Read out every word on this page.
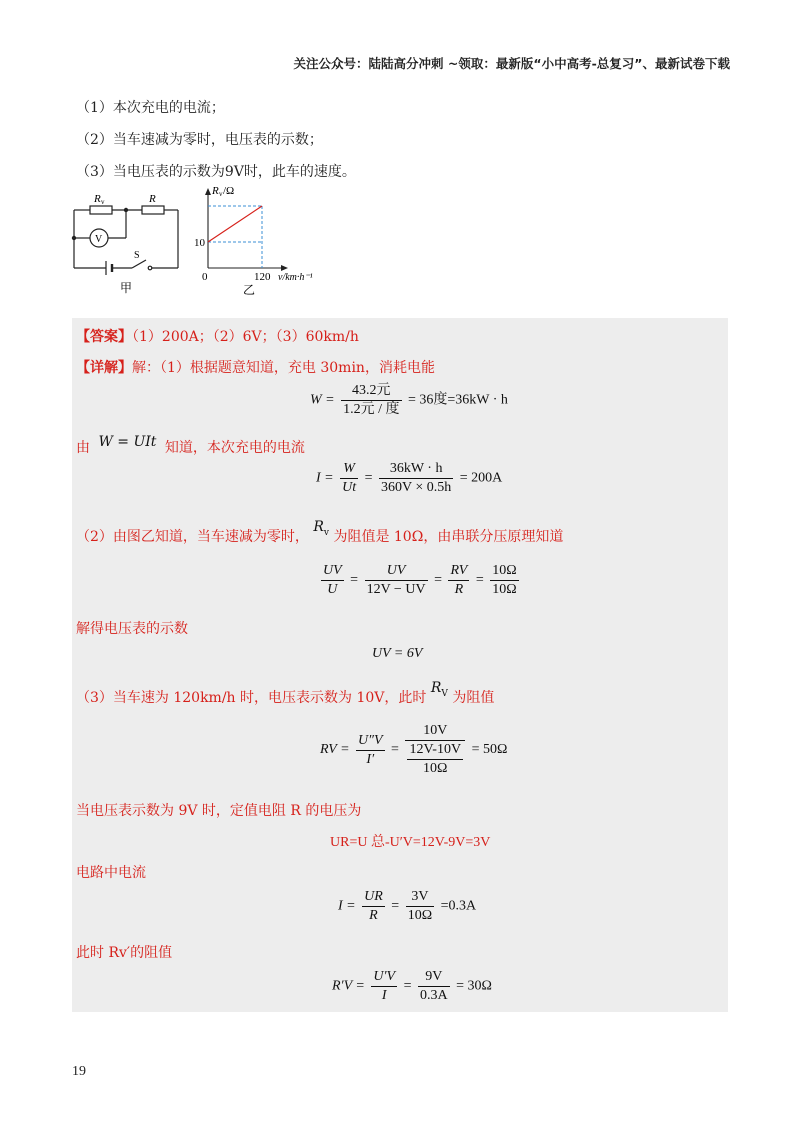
关注公众号：陆陆高分冲刺 ~领取：最新版“小中高考-总复习”、最新试卷下载
（1）本次充电的电流；
（2）当车速减为零时，电压表的示数；
（3）当电压表的示数为9V时，此车的速度。
R v	R
V
S
甲
R v /Ω
10
0	120 v/km·h⁻¹
乙
【答案】（1）200A；（2）6V；（3）60km/h
【详解】解：（1）根据题意知道，充电 30min，消耗电能
$W = \frac{\text{43.2元}}{\text{1.2元 / 度}} = 36$度=36kW · h
由 W = UIt 知道，本次充电的电流
$I = \frac{W}{Ut} = \frac{36kW \cdot h}{360V \times 0.5h} = 200A$
（2）由图乙知道，当车速减为零时， $R_v$ 为阻值是 10Ω，由串联分压原理知道
$\frac{UV}{U} = \frac{UV}{12V - UV} = \frac{RV}{R} = \frac{10\Omega}{10\Omega}$
解得电压表的示数
UV = 6V
（3）当车速为 120km/h 时，电压表示数为 10V，此时 $R_V$ 为阻值
RV = $\frac{U''V}{I'} = 10V$
12V-10V
10Ω = 50Ω
当电压表示数为 9V 时，定值电阻 R 的电压为
UR=U 总-U′V=12V-9V=3V
电路中电流
$I = \frac{UR}{R} = \frac{3V}{10\Omega} =0.3A$
此时 Rv′的阻值
$R'V = \frac{U'V}{I} = \frac{9V}{0.3A} = 30\Omega$
19
